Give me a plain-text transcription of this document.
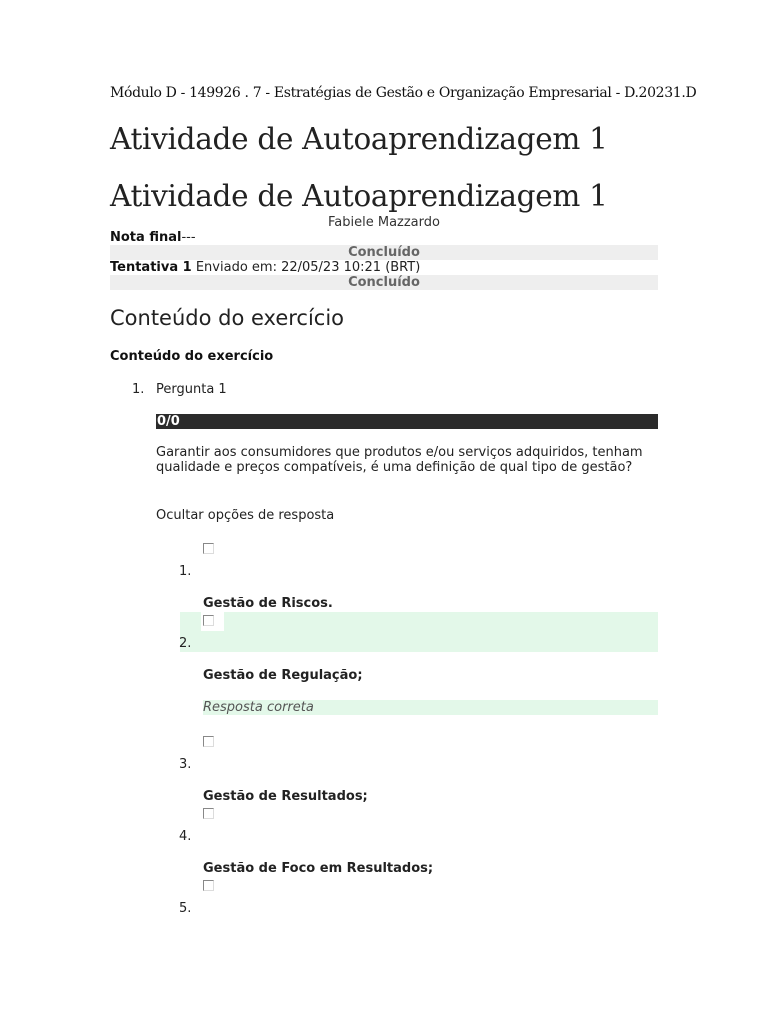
Módulo D - 149926 . 7 - Estratégias de Gestão e Organização Empresarial - D.20231.D
Atividade de Autoaprendizagem 1
Atividade de Autoaprendizagem 1
Fabiele Mazzardo
Nota final---
Concluído
Tentativa 1 Enviado em: 22/05/23 10:21 (BRT)
Concluído
Conteúdo do exercício
Conteúdo do exercício
1. Pergunta 1
0/0
Garantir aos consumidores que produtos e/ou serviços adquiridos, tenham qualidade e preços compatíveis, é uma definição de qual tipo de gestão?
Ocultar opções de resposta
1.
Gestão de Riscos.
2.
Gestão de Regulação;
Resposta correta
3.
Gestão de Resultados;
4.
Gestão de Foco em Resultados;
5.
